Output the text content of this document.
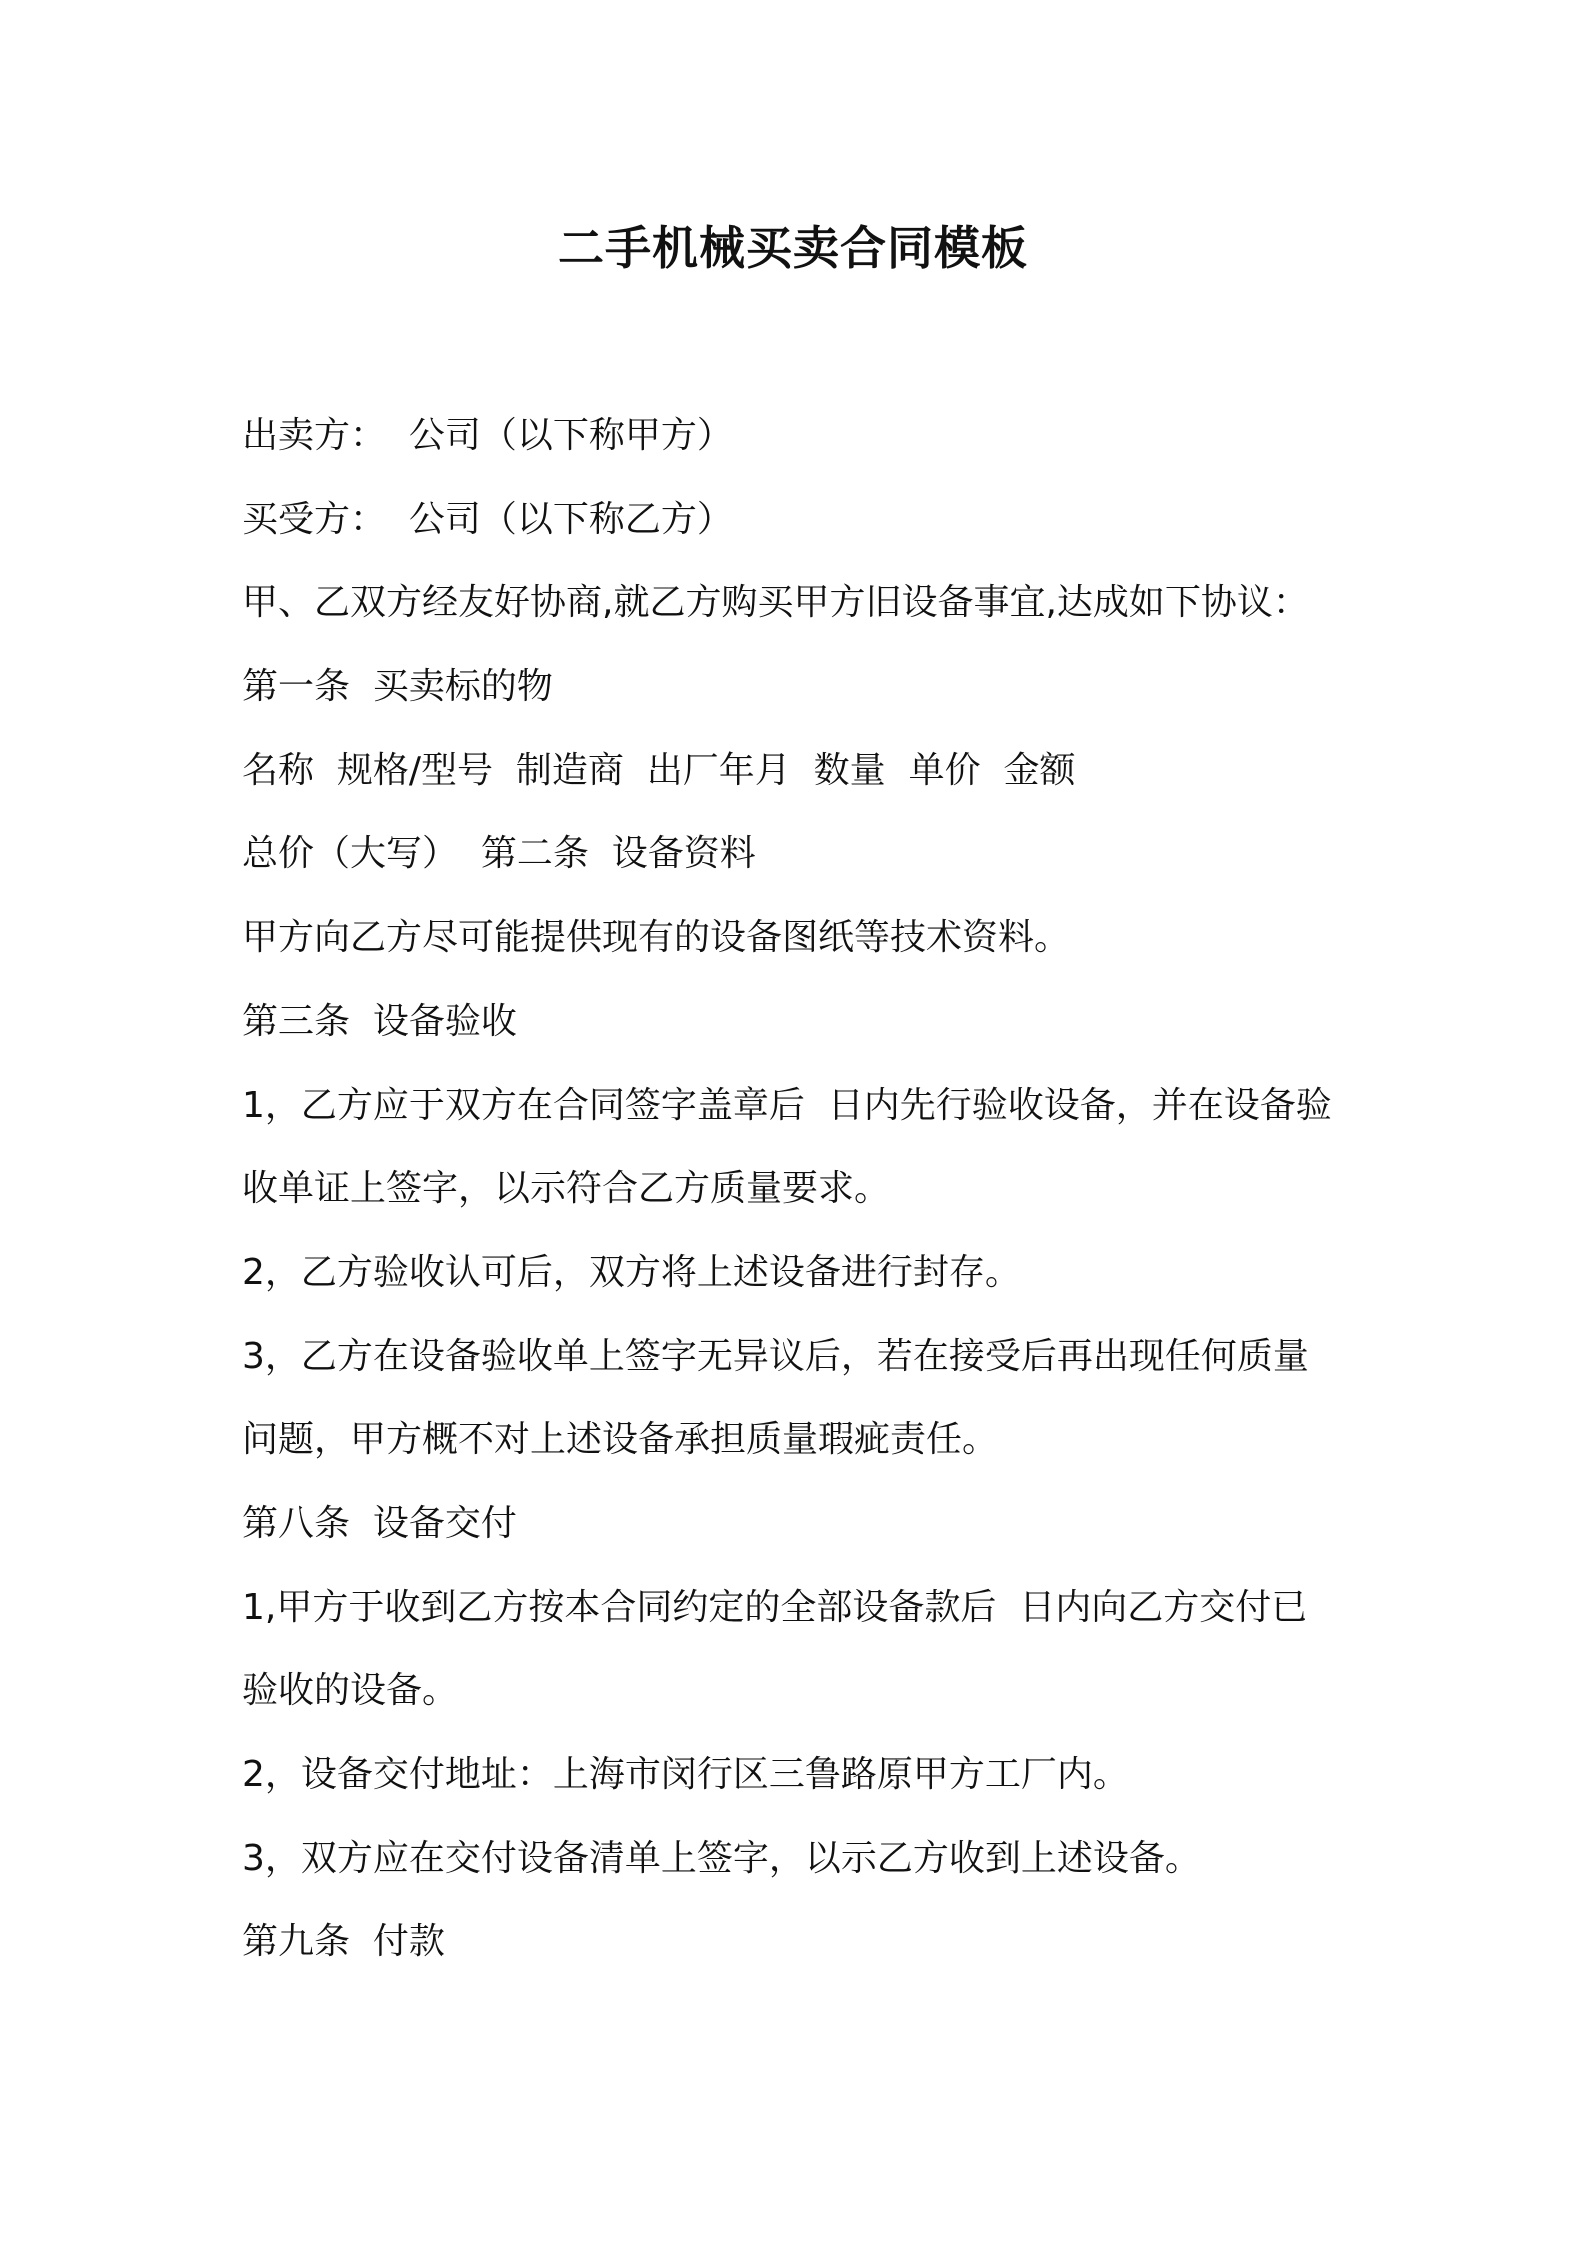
二手机械买卖合同模板
出卖方：  公司（以下称甲方）
买受方：  公司（以下称乙方）
甲、乙双方经友好协商,就乙方购买甲方旧设备事宜,达成如下协议：
第一条  买卖标的物
名称  规格/型号  制造商  出厂年月  数量  单价  金额
总价（大写）  第二条  设备资料
甲方向乙方尽可能提供现有的设备图纸等技术资料。
第三条  设备验收
1，乙方应于双方在合同签字盖章后  日内先行验收设备，并在设备验
收单证上签字，以示符合乙方质量要求。
2，乙方验收认可后，双方将上述设备进行封存。
3，乙方在设备验收单上签字无异议后，若在接受后再出现任何质量
问题，甲方概不对上述设备承担质量瑕疵责任。
第八条  设备交付
1,甲方于收到乙方按本合同约定的全部设备款后  日内向乙方交付已
验收的设备。
2，设备交付地址：上海市闵行区三鲁路原甲方工厂内。
3，双方应在交付设备清单上签字，以示乙方收到上述设备。
第九条  付款
